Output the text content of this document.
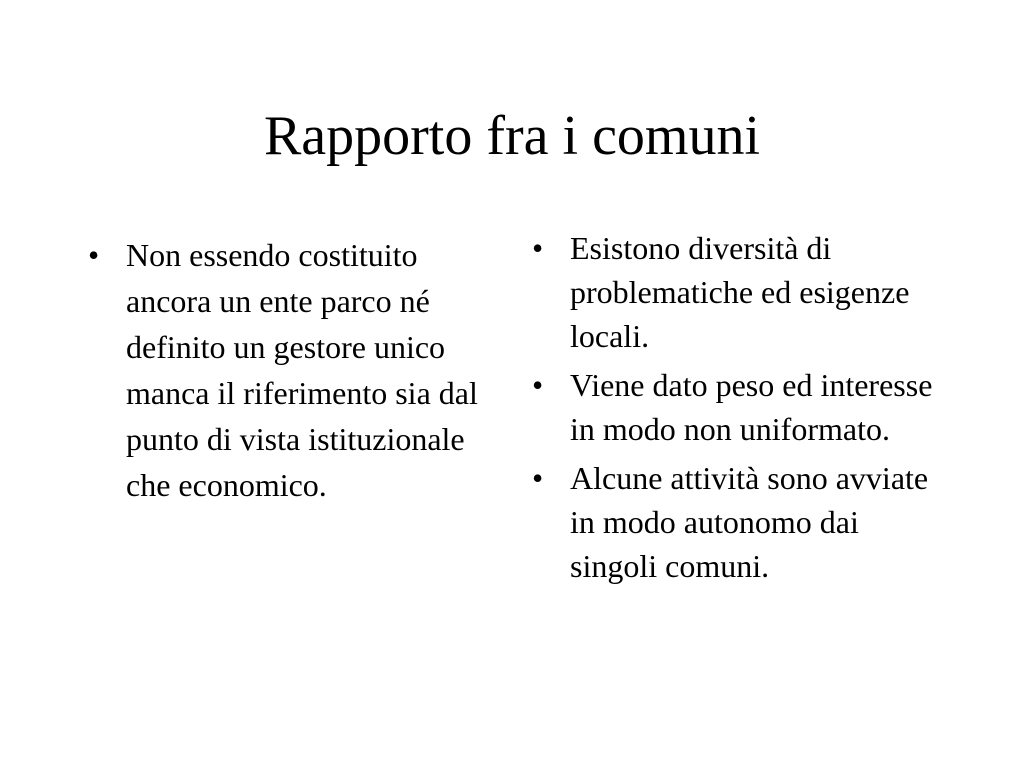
Rapporto fra i comuni
• Non essendo costituito ancora un ente parco né definito un gestore unico manca il riferimento sia dal punto di vista istituzionale che economico.
• Esistono diversità di problematiche ed esigenze locali.
• Viene dato peso ed interesse in modo non uniformato.
• Alcune attività sono avviate in modo autonomo dai singoli comuni.
